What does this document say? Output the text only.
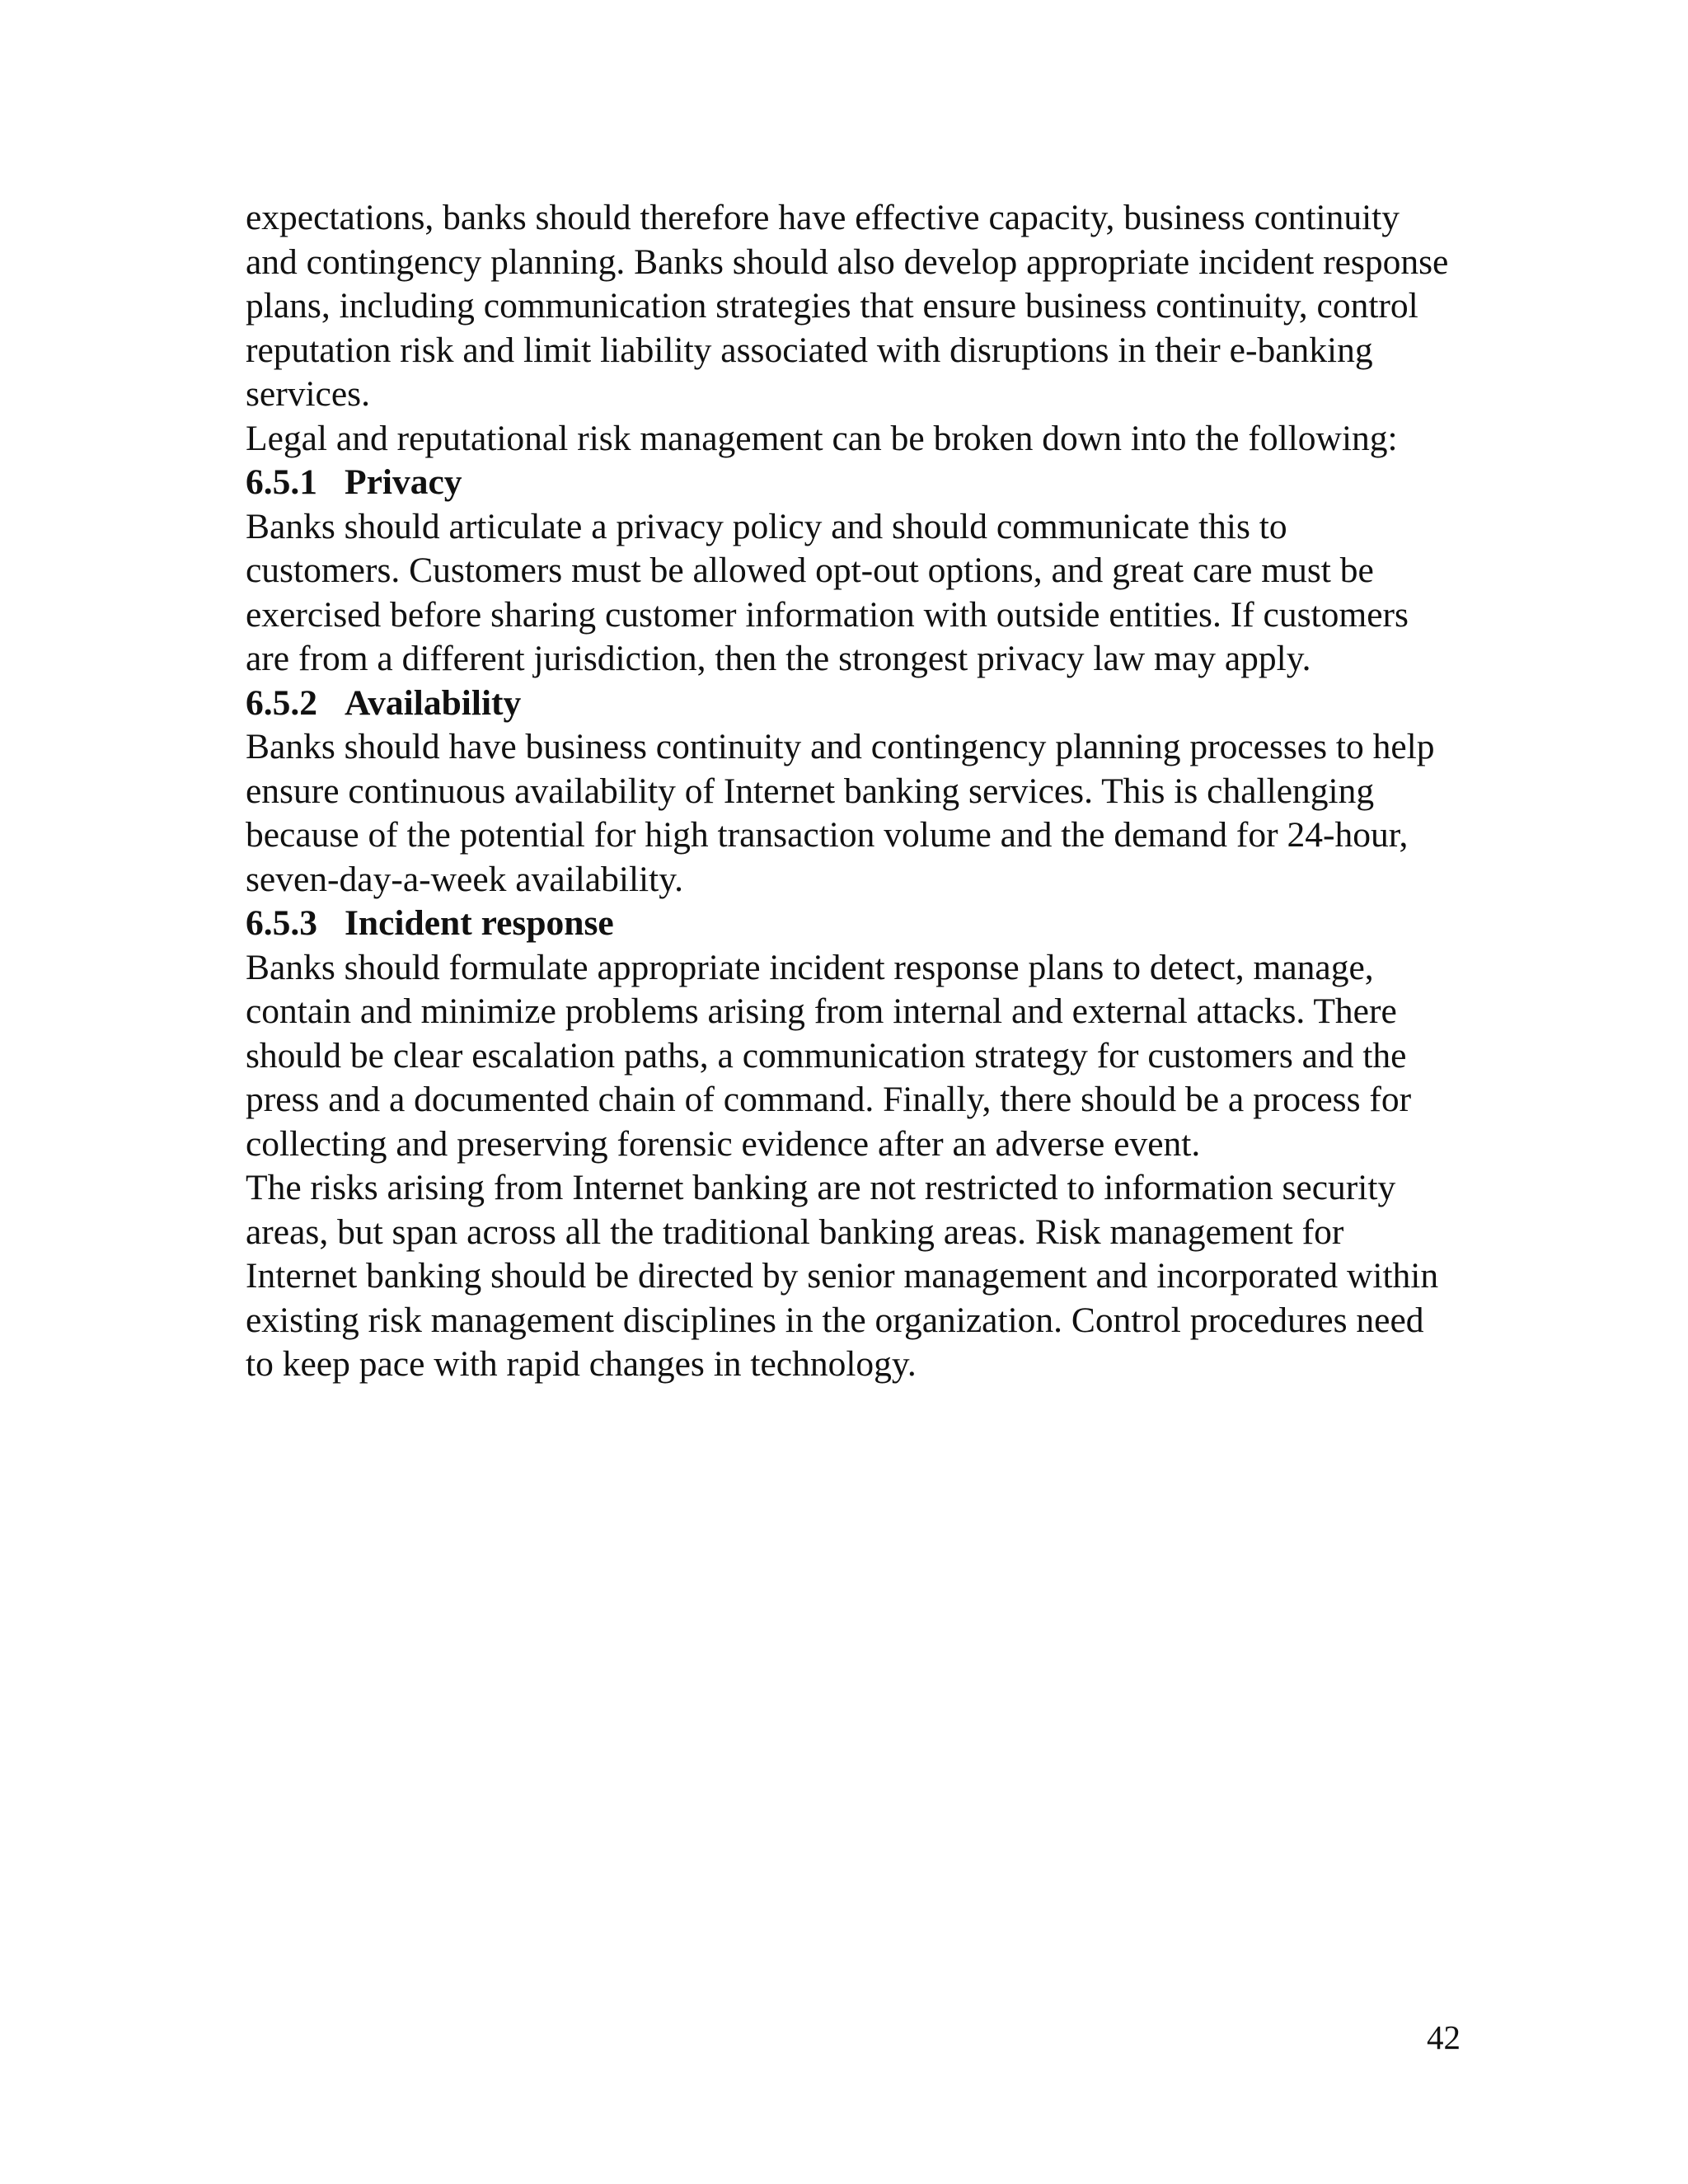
expectations, banks should therefore have effective capacity, business continuity and contingency planning. Banks should also develop appropriate incident response plans, including communication strategies that ensure business continuity, control reputation risk and limit liability associated with disruptions in their e-banking services.

Legal and reputational risk management can be broken down into the following:

6.5.1 Privacy

Banks should articulate a privacy policy and should communicate this to customers. Customers must be allowed opt-out options, and great care must be exercised before sharing customer information with outside entities. If customers are from a different jurisdiction, then the strongest privacy law may apply.

6.5.2 Availability

Banks should have business continuity and contingency planning processes to help ensure continuous availability of Internet banking services. This is challenging because of the potential for high transaction volume and the demand for 24-hour, seven-day-a-week availability.

6.5.3 Incident response

Banks should formulate appropriate incident response plans to detect, manage, contain and minimize problems arising from internal and external attacks. There should be clear escalation paths, a communication strategy for customers and the press and a documented chain of command. Finally, there should be a process for collecting and preserving forensic evidence after an adverse event.

The risks arising from Internet banking are not restricted to information security areas, but span across all the traditional banking areas. Risk management for Internet banking should be directed by senior management and incorporated within existing risk management disciplines in the organization. Control procedures need to keep pace with rapid changes in technology.

42
